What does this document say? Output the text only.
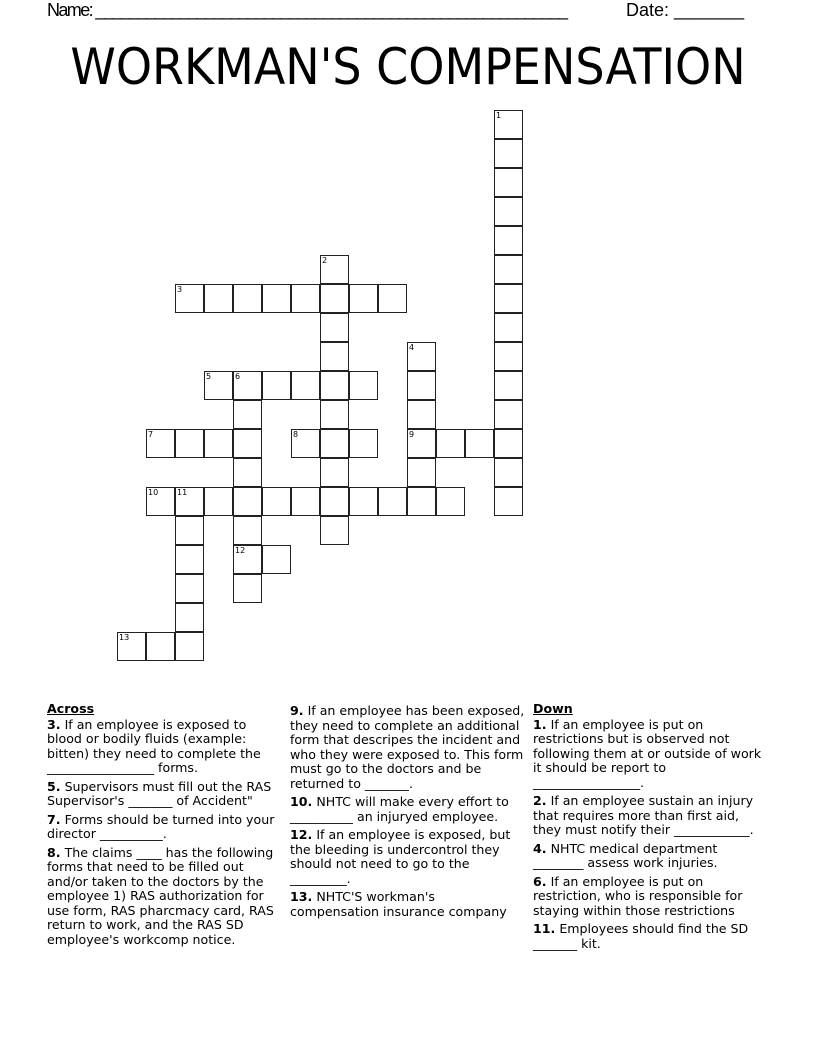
Name: ________________________________________________________	Date: _______
WORKMAN'S COMPENSATION
1
2
3
4
9
5	6
12
7	8
10 11
13
Across
3. If an employee is exposed to blood or bodily fluids (example: bitten) they need to complete the _________________ forms.
5. Supervisors must fill out the RAS Supervisor's _______ of Accident"
7. Forms should be turned into your director __________.
8. The claims ____ has the following forms that need to be filled out and/or taken to the doctors by the employee 1) RAS authorization for use form, RAS pharcmacy card, RAS return to work, and the RAS SD employee's workcomp notice.
9. If an employee has been exposed, they need to complete an additional form that descripes the incident and who they were exposed to. This form must go to the doctors and be returned to _______.
10. NHTC will make every effort to __________ an injuryed employee.
12. If an employee is exposed, but the bleeding is undercontrol they should not need to go to the _________.
13. NHTC'S workman's compensation insurance company
Down
1. If an employee is put on restrictions but is observed not following them at or outside of work it should be report to _________________.
2. If an employee sustain an injury that requires more than first aid, they must notify their ____________.
4. NHTC medical department ________ assess work injuries.
6. If an employee is put on restriction, who is responsible for staying within those restrictions
11. Employees should find the SD _______ kit.
